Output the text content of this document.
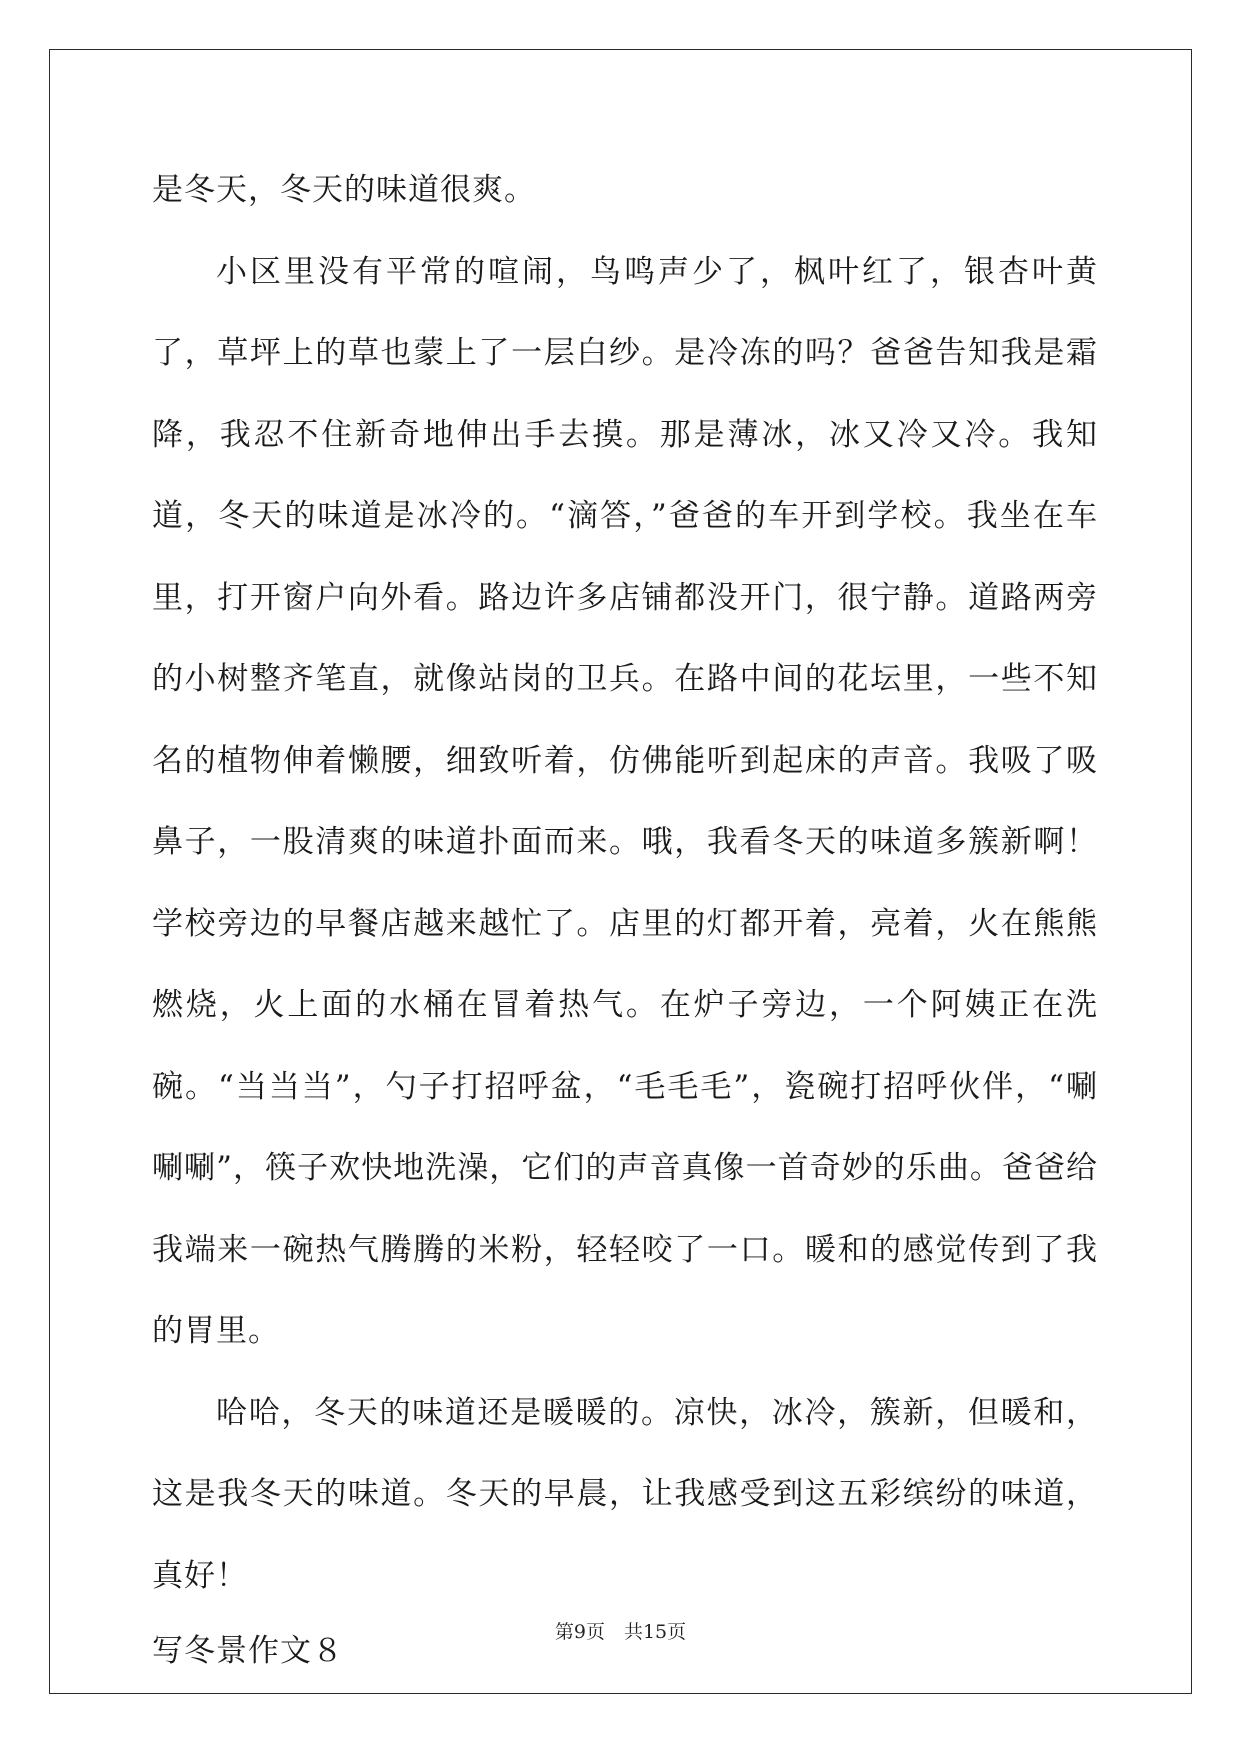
是冬天，冬天的味道很爽。

小区里没有平常的喧闹，鸟鸣声少了，枫叶红了，银杏叶黄了，草坪上的草也蒙上了一层白纱。是冷冻的吗？爸爸告知我是霜降，我忍不住新奇地伸出手去摸。那是薄冰，冰又冷又冷。我知道，冬天的味道是冰冷的。“滴答，”爸爸的车开到学校。我坐在车里，打开窗户向外看。路边许多店铺都没开门，很宁静。道路两旁的小树整齐笔直，就像站岗的卫兵。在路中间的花坛里，一些不知名的植物伸着懒腰，细致听着，仿佛能听到起床的声音。我吸了吸鼻子，一股清爽的味道扑面而来。哦，我看冬天的味道多簇新啊！学校旁边的早餐店越来越忙了。店里的灯都开着，亮着，火在熊熊燃烧，火上面的水桶在冒着热气。在炉子旁边，一个阿姨正在洗碗。“当当当”，勺子打招呼盆，“毛毛毛”，瓷碗打招呼伙伴，“唰唰唰”，筷子欢快地洗澡，它们的声音真像一首奇妙的乐曲。爸爸给我端来一碗热气腾腾的米粉，轻轻咬了一口。暖和的感觉传到了我的胃里。

哈哈，冬天的味道还是暖暖的。凉快，冰冷，簇新，但暖和，这是我冬天的味道。冬天的早晨，让我感受到这五彩缤纷的味道，真好！

写冬景作文８

第9页　共15页
